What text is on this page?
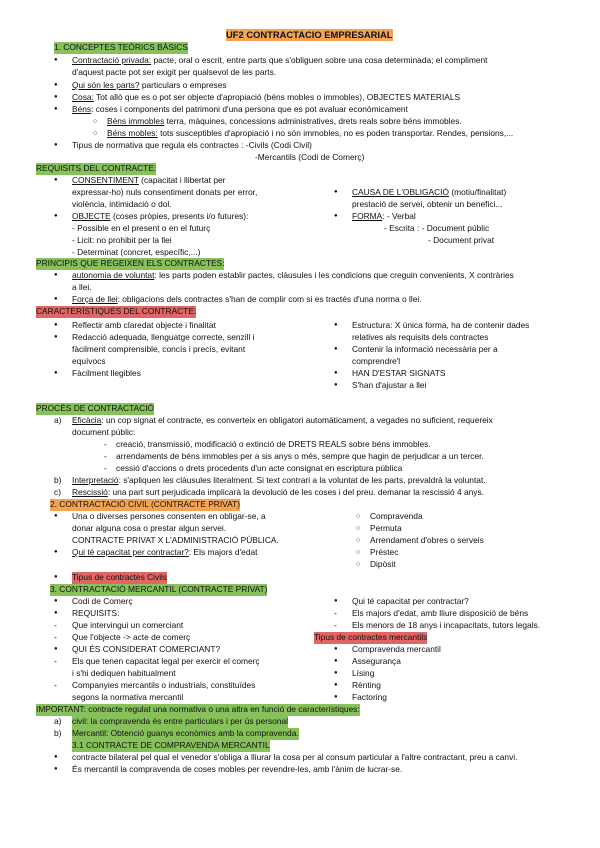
UF2 CONTRACTACIO EMPRESARIAL
1. CONCEPTES TEÒRICS BÀSICS
● Contractació privada: pacte, oral o escrit, entre parts que s'obliguen sobre una cosa determinada; el compliment
d'aquest pacte pot ser exigit per qualsevol de les parts.
● Qui són les parts? particulars o empreses
● Cosa: Tot allò que es o pot ser objecte d'apropiació (béns mobles o immobles), OBJECTES MATERIALS
● Béns: coses i components del patrimoni d'una persona que es pot avaluar econòmicament
○ Béns immobles terra, màquines, concessions administratives, drets reals sobre béns immobles.
○ Béns mobles: tots susceptibles d'apropiació i no són immobles, no es poden transportar. Rendes, pensions,...
● Tipus de normativa que regula els contractes : -Civils (Codi Civil)
-Mercantils (Codi de Comerç)
REQUISITS DEL CONTRACTE:
● CONSENTIMENT (capacitat i llibertat per
expressar-ho) nuls consentiment donats per error,
violència, intimidació o dol.
● OBJECTE (coses pròpies, presents i/o futures):
- Possible en el present o en el futurç
- Licit: no prohibit per la llei
- Determinat (concret, específic,...)
● CAUSA DE L'OBLIGACIÓ (motiu/finalitat)
prestació de servei, obtenir un benefici...
● FORMA: - Verbal
- Escrita : - Document públic
- Document privat
PRINCIPIS QUE REGEIXEN ELS CONTRACTES:
● autonomia de voluntat: les parts poden establir pactes, clàusules i les condicions que creguin convenients, X contràries
a llei.
● Força de llei: obligacions dels contractes s'han de complir com si es tractés d'una norma o llei.
CARACTERÍSTIQUES DEL CONTRACTE:
● Reflectir amb claredat objecte i finalitat
● Redacció adequada, llenguatge correcte, senzill i
fàcilment comprensible, concís i precís, evitant
equívocs
● Fàcilment llegibles
● Estructura: X única forma, ha de contenir dades
relatives als requisits dels contractes
● Contenir la informació necessària per a
comprendre'l
● HAN D'ESTAR SIGNATS
● S'han d'ajustar a llei
PROCÉS DE CONTRACTACIÓ
a) Eficàcia: un cop signat el contracte, es converteix en obligatori automàticament, a vegades no suficient, requereix
document públic:
- creació, transmissió, modificació o extinció de DRETS REALS sobre béns immobles.
- arrendaments de béns immobles per a sis anys o més, sempre que hagin de perjudicar a un tercer.
- cessió d'accions o drets procedents d'un acte consignat en escriptura pública
b) Interpretació: s'apliquen les clàusules literalment. Si text contrari a la voluntat de les parts, prevaldrà la voluntat.
c) Rescissió: una part surt perjudicada implicarà la devolució de les coses i del preu. demanar la rescissió 4 anys.
2. CONTRACTACIÓ CIVIL (CONTRACTE PRIVAT)
● Una o diverses persones consenten en obligar-se, a
donar alguna cosa o prestar algun servei.
CONTRACTE PRIVAT X L'ADMINISTRACIÓ PÚBLICA.
● Qui té capacitat per contractar?: Els majors d'edat
○ Compravenda
○ Permuta
○ Arrendament d'obres o serveis
○ Préstec
○ Dipòsit
● Tipus de contractes Civils
3. CONTRACTACIÓ MERCANTIL (CONTRACTE PRIVAT)
● Codi de Comerç
● REQUISITS:
- Que intervingui un comerciant
- Que l'objecte -> acte de comerç
● QUI ÉS CONSIDERAT COMERCIANT?
- Els que tenen capacitat legal per exercir el comerç
i s'hi dediquen habitualment
- Companyies mercantils o industrials, constituïdes
segons la normativa mercantil
● Qui té capacitat per contractar?
- Els majors d'edat, amb lliure disposició de béns
- Els menors de 18 anys i incapacitats, tutors legals.
Tipus de contractes mercantils
● Compravenda mercantil
● Assegurança
● Lísing
● Rènting
● Factoring
IMPORTANT: contracte regulat una normativa o una altra en funció de característiques:
a) civil: la compravenda és entre particulars i per ús personal
b) Mercantil: Obtenció guanys econòmics amb la compravenda.
3.1 CONTRACTE DE COMPRAVENDA MERCANTIL
● contracte bilateral pel qual el venedor s'obliga a lliurar la cosa per al consum particular a l'altre contractant, preu a canvi.
● És mercantil la compravenda de coses mobles per revendre-les, amb l'ànim de lucrar-se.
